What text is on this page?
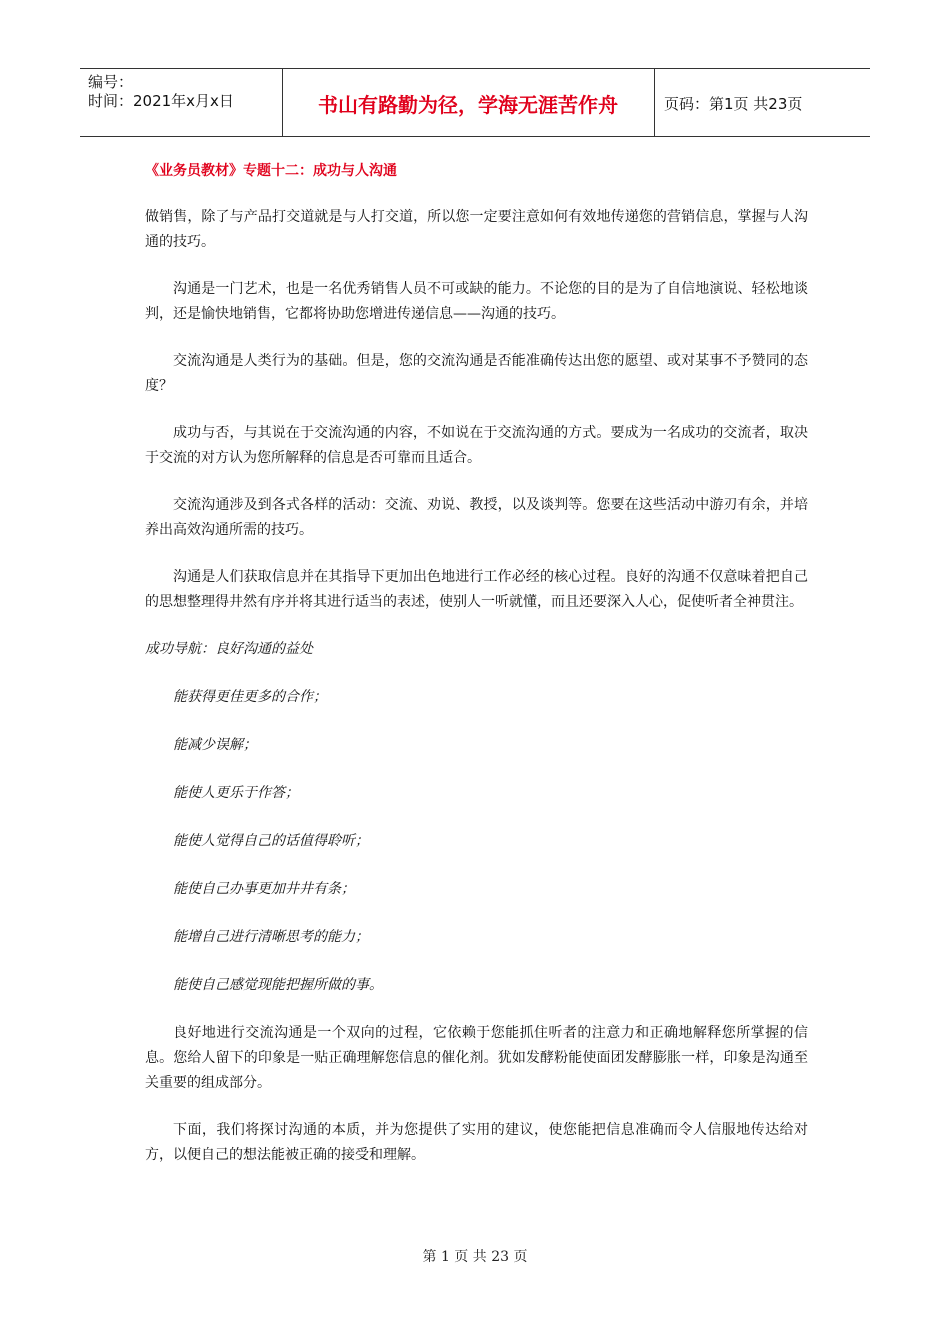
编号：
时间：2021年x月x日	书山有路勤为径，学海无涯苦作舟	页码：第1页 共23页
《业务员教材》专题十二：成功与人沟通

做销售，除了与产品打交道就是与人打交道，所以您一定要注意如何有效地传递您的营销信息，掌握与人沟通的技巧。

沟通是一门艺术，也是一名优秀销售人员不可或缺的能力。不论您的目的是为了自信地演说、轻松地谈判，还是愉快地销售，它都将协助您增进传递信息——沟通的技巧。

交流沟通是人类行为的基础。但是，您的交流沟通是否能准确传达出您的愿望、或对某事不予赞同的态度？

成功与否，与其说在于交流沟通的内容，不如说在于交流沟通的方式。要成为一名成功的交流者，取决于交流的对方认为您所解释的信息是否可靠而且适合。

交流沟通涉及到各式各样的活动：交流、劝说、教授，以及谈判等。您要在这些活动中游刃有余，并培养出高效沟通所需的技巧。

沟通是人们获取信息并在其指导下更加出色地进行工作必经的核心过程。良好的沟通不仅意味着把自己的思想整理得井然有序并将其进行适当的表述，使别人一听就懂，而且还要深入人心，促使听者全神贯注。

成功导航：良好沟通的益处
能获得更佳更多的合作；
能减少误解；
能使人更乐于作答；
能使人觉得自己的话值得聆听；
能使自己办事更加井井有条；
能增自己进行清晰思考的能力；
能使自己感觉现能把握所做的事。

良好地进行交流沟通是一个双向的过程，它依赖于您能抓住听者的注意力和正确地解释您所掌握的信息。您给人留下的印象是一贴正确理解您信息的催化剂。犹如发酵粉能使面团发酵膨胀一样，印象是沟通至关重要的组成部分。

下面，我们将探讨沟通的本质，并为您提供了实用的建议，使您能把信息准确而令人信服地传达给对方，以便自己的想法能被正确的接受和理解。

第 1 页 共 23 页
